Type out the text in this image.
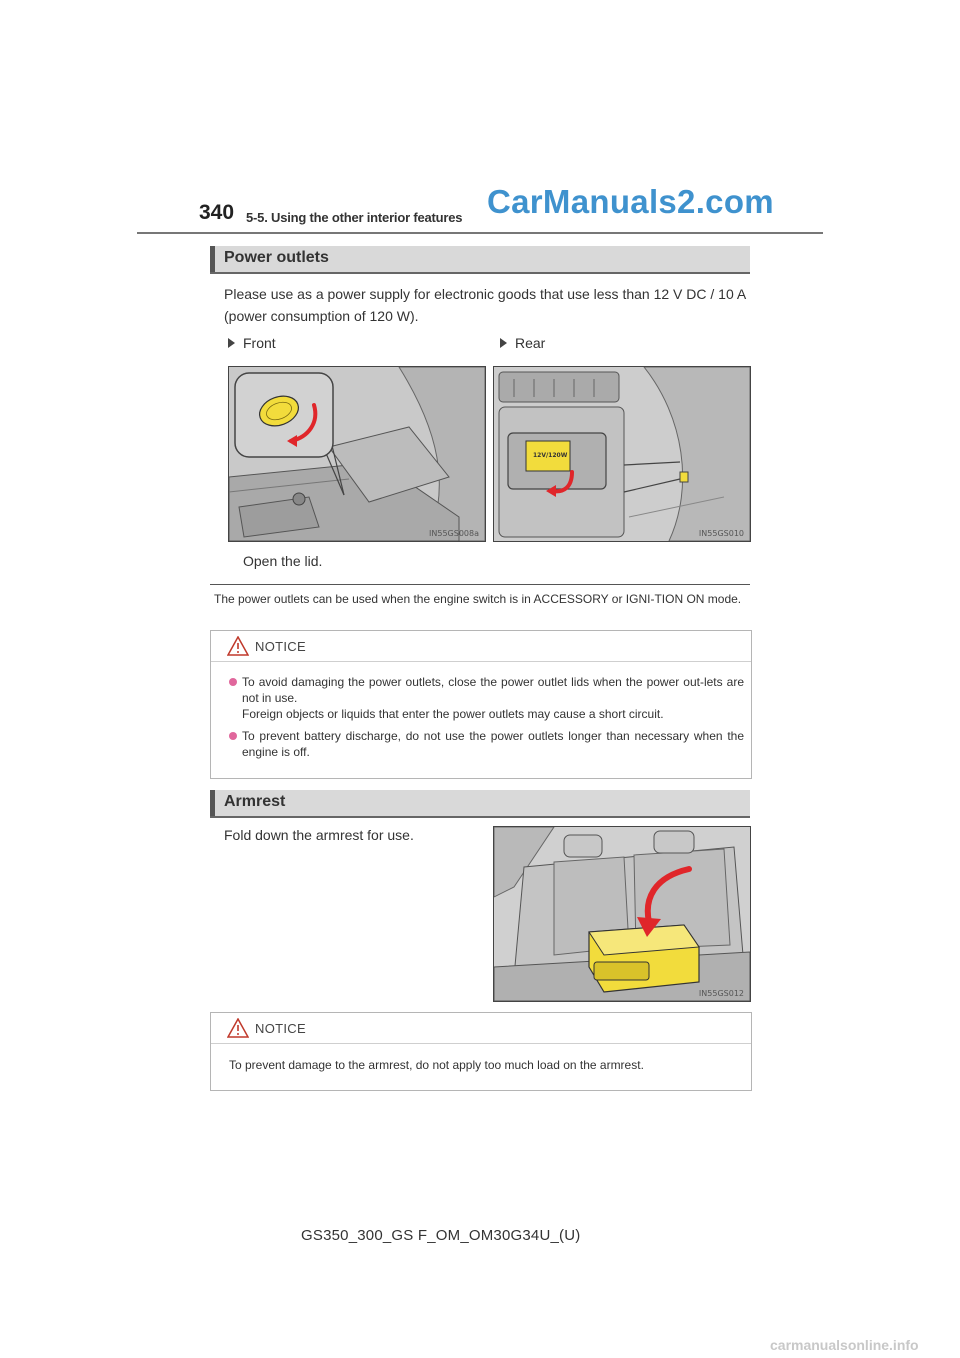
340 5-5. Using the other interior features CarManuals2.com
Power outlets
Please use as a power supply for electronic goods that use less than 12 V DC / 10 A (power consumption of 120 W).
Front	Rear
IN55GS008a
12V/120W
IN55GS010
Open the lid.
The power outlets can be used when the engine switch is in ACCESSORY or IGNI-TION ON mode.
NOTICE
To avoid damaging the power outlets, close the power outlet lids when the power out-lets are not in use.
Foreign objects or liquids that enter the power outlets may cause a short circuit.
To prevent battery discharge, do not use the power outlets longer than necessary when the engine is off.
Armrest
Fold down the armrest for use.
IN55GS012
NOTICE
To prevent damage to the armrest, do not apply too much load on the armrest.
GS350_300_GS F_OM_OM30G34U_(U)
carmanualsonline.info
